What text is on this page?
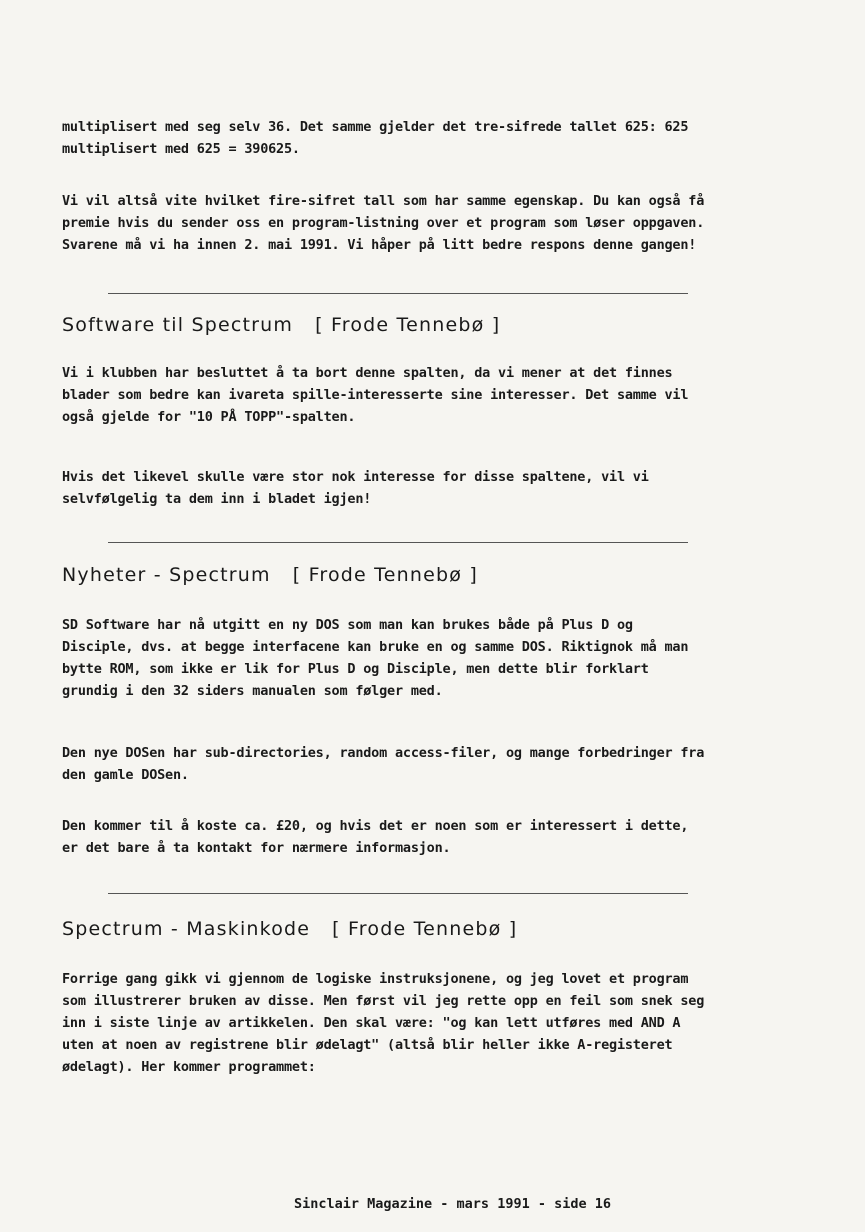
multiplisert med seg selv 36. Det samme gjelder det tre-sifrede tallet 625: 625
multiplisert med 625 = 390625.
Vi vil altså vite hvilket fire-sifret tall som har samme egenskap. Du kan også få
premie hvis du sender oss en program-listning over et program som løser oppgaven.
Svarene må vi ha innen 2. mai 1991. Vi håper på litt bedre respons denne gangen!
Software til Spectrum [ Frode Tennebø ]
Vi i klubben har besluttet å ta bort denne spalten, da vi mener at det finnes
blader som bedre kan ivareta spille-interesserte sine interesser. Det samme vil
også gjelde for "10 PÅ TOPP"-spalten.
Hvis det likevel skulle være stor nok interesse for disse spaltene, vil vi
selvfølgelig ta dem inn i bladet igjen!
Nyheter - Spectrum [ Frode Tennebø ]
SD Software har nå utgitt en ny DOS som man kan brukes både på Plus D og
Disciple, dvs. at begge interfacene kan bruke en og samme DOS. Riktignok må man
bytte ROM, som ikke er lik for Plus D og Disciple, men dette blir forklart
grundig i den 32 siders manualen som følger med.
Den nye DOSen har sub-directories, random access-filer, og mange forbedringer fra
den gamle DOSen.
Den kommer til å koste ca. £20, og hvis det er noen som er interessert i dette,
er det bare å ta kontakt for nærmere informasjon.
Spectrum - Maskinkode [ Frode Tennebø ]
Forrige gang gikk vi gjennom de logiske instruksjonene, og jeg lovet et program
som illustrerer bruken av disse. Men først vil jeg rette opp en feil som snek seg
inn i siste linje av artikkelen. Den skal være: "og kan lett utføres med AND A
uten at noen av registrene blir ødelagt" (altså blir heller ikke A-registeret
ødelagt). Her kommer programmet:
Sinclair Magazine - mars 1991 - side 16
